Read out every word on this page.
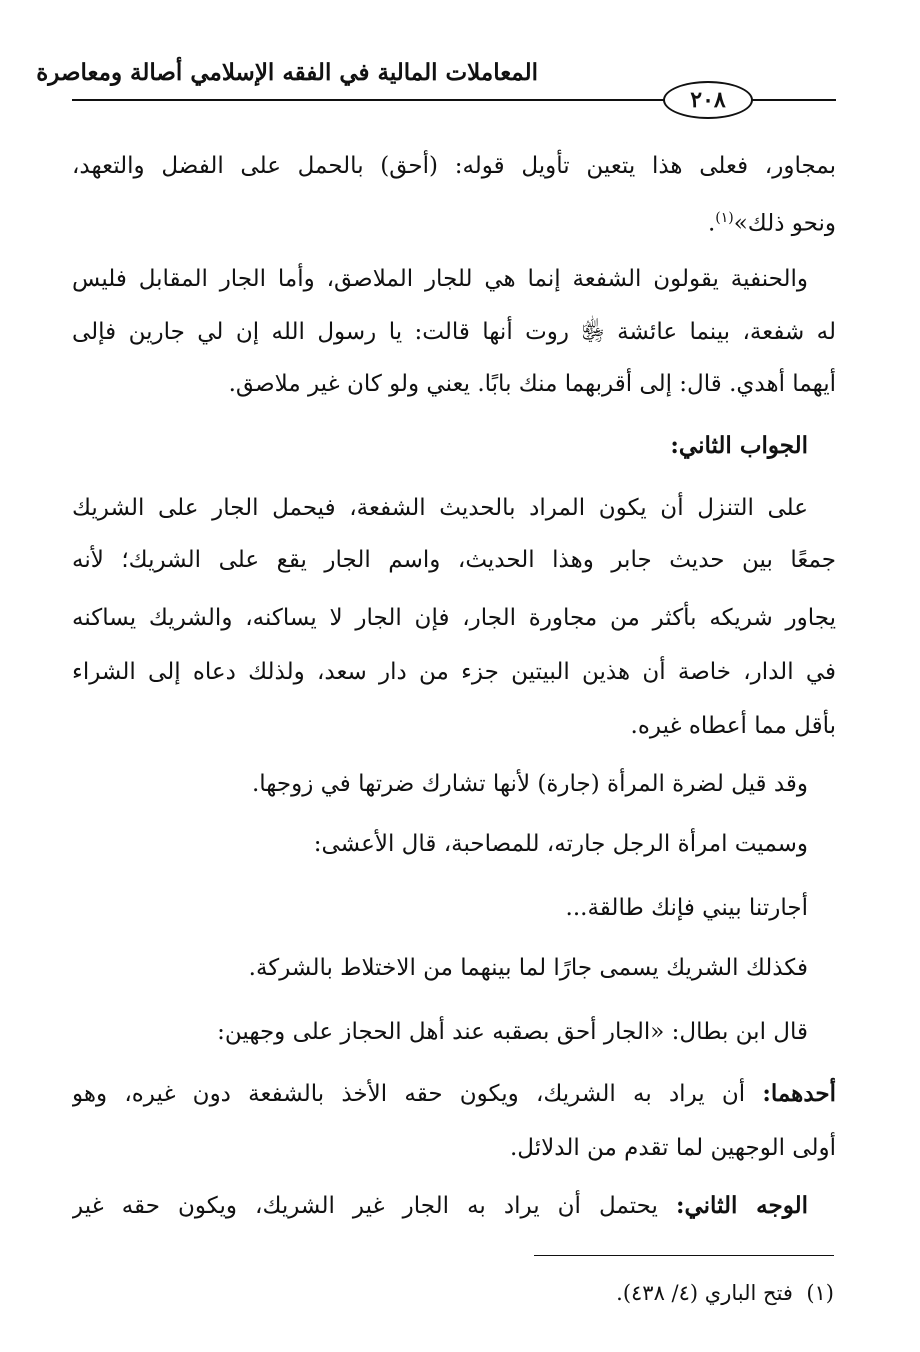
المعاملات المالية في الفقه الإسلامي أصالة ومعاصرة
٢٠٨
بمجاور، فعلى هذا يتعين تأويل قوله: (أحق) بالحمل على الفضل والتعهد،
ونحو ذلك»$^{(١)}$.
والحنفية يقولون الشفعة إنما هي للجار الملاصق، وأما الجار المقابل فليس
له شفعة، بينما عائشة ﵂ روت أنها قالت: يا رسول الله إن لي جارين فإلى
أيهما أهدي. قال: إلى أقربهما منك بابًا. يعني ولو كان غير ملاصق.
الجواب الثاني:
على التنزل أن يكون المراد بالحديث الشفعة، فيحمل الجار على الشريك
جمعًا بين حديث جابر وهذا الحديث، واسم الجار يقع على الشريك؛ لأنه
يجاور شريكه بأكثر من مجاورة الجار، فإن الجار لا يساكنه، والشريك يساكنه
في الدار، خاصة أن هذين البيتين جزء من دار سعد، ولذلك دعاه إلى الشراء
بأقل مما أعطاه غيره.
وقد قيل لضرة المرأة (جارة) لأنها تشارك ضرتها في زوجها.
وسميت امرأة الرجل جارته، للمصاحبة، قال الأعشى:
أجارتنا بيني فإنك طالقة...
فكذلك الشريك يسمى جارًا لما بينهما من الاختلاط بالشركة.
قال ابن بطال: «الجار أحق بصقبه عند أهل الحجاز على وجهين:
أحدهما: أن يراد به الشريك، ويكون حقه الأخذ بالشفعة دون غيره، وهو
أولى الوجهين لما تقدم من الدلائل.
الوجه الثاني: يحتمل أن يراد به الجار غير الشريك، ويكون حقه غير
(١)  فتح الباري (٤/ ٤٣٨).
